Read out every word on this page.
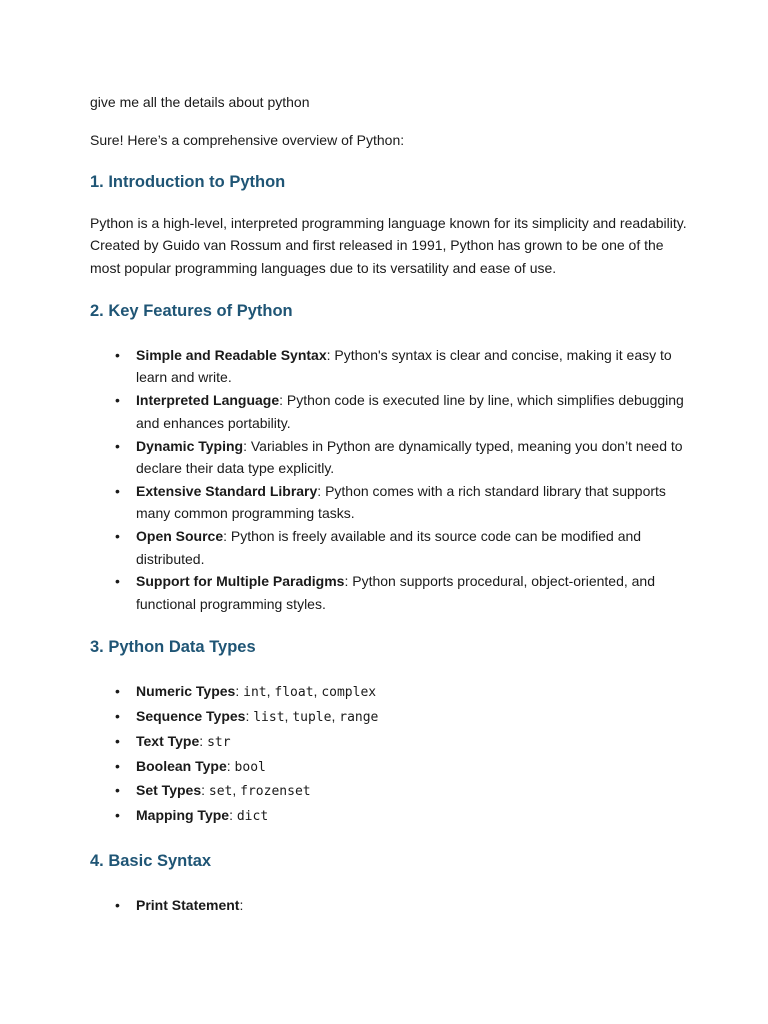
give me all the details about python

Sure! Here’s a comprehensive overview of Python:

1. Introduction to Python

Python is a high-level, interpreted programming language known for its simplicity and readability. Created by Guido van Rossum and first released in 1991, Python has grown to be one of the most popular programming languages due to its versatility and ease of use.

2. Key Features of Python
• Simple and Readable Syntax: Python's syntax is clear and concise, making it easy to learn and write.
• Interpreted Language: Python code is executed line by line, which simplifies debugging and enhances portability.
• Dynamic Typing: Variables in Python are dynamically typed, meaning you don’t need to declare their data type explicitly.
• Extensive Standard Library: Python comes with a rich standard library that supports many common programming tasks.
• Open Source: Python is freely available and its source code can be modified and distributed.
• Support for Multiple Paradigms: Python supports procedural, object-oriented, and functional programming styles.
3. Python Data Types
• Numeric Types: int, float, complex
• Sequence Types: list, tuple, range
• Text Type: str
• Boolean Type: bool
• Set Types: set, frozenset
• Mapping Type: dict
4. Basic Syntax
• Print Statement:
